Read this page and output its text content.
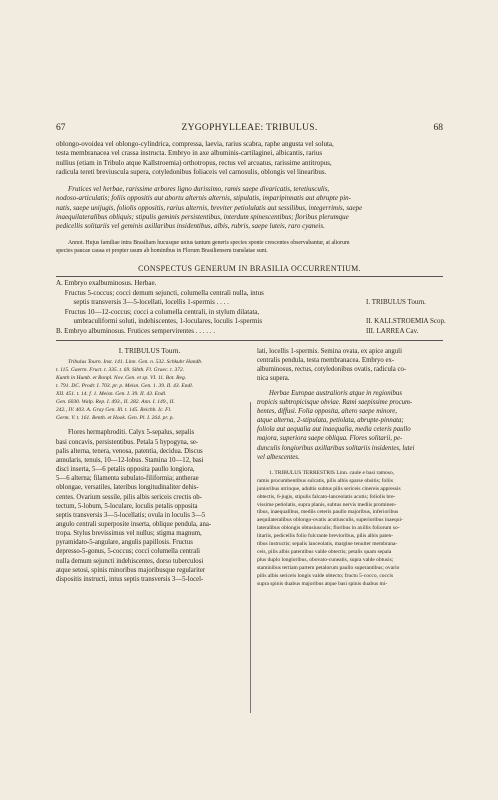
67	ZYGOPHYLLEAE: TRIBULUS.	68

oblongo-ovoidea vel oblongo-cylindrica, compressa, laevia, rarius scabra, raphe angusta vel soluta,

testa membranacea vel crassa instructa. Embryo in axe albuminis-cartilaginei, albicantis, rarius

nullius (etiam in Tribulo atque Kallstroemia) orthotropus, rectus vel arcuatus, rarissime antitropus,

radicula tereti breviuscula supera, cotyledonibus foliaceis vel carnosulis, oblongis vel linearibus.

Frutices vel herbae, rarissime arbores ligno durissimo, ramis saepe divaricatis, teretiusculis,

nodoso-articulatis; foliis oppositis aut abortu alternis alternis, stipulatis, imparipinnatis aut abrupte pin-

natis, saepe unijugis, foliolis oppositis, rarius alternis, breviter petiolulatis aut sessilibus, integerrimis, saepe

inaequilateralibus obliquis; stipulis geminis persistentibus, interdum spinescentibus; floribus plerumque

pedicellis solitariis vel geminis axillaribus insidentibus, albis, rubris, saepe luteis, raro cyaneis.

Annot. Hujus familiae intra Brasiliam hucusque unius tantum generis species sponte crescentes observabantur, at aliorum

species paucae causa et propter usum ab hominibus in Florum Brasiliensem translatae sunt.

CONSPECTUS GENERUM IN BRASILIA OCCURRENTIUM.
A. Embryo exalbuminosus. Herbae.
Fructus 5-coccus; cocci demum sejuncti, columella centrali nulla, intus
septis transversis 3—5-locellati, locellis 1-spermis . . . .	I. TRIBULUS Tourn.
Fructus 10—12-coccus; cocci a columella centrali, in stylum dilatata,
umbraculiformi soluti, indehiscentes, 1-loculares, loculis 1-spermis	II. KALLSTROEMIA Scop.
B. Embryo albuminosus. Frutices sempervirentes . . . . . .	III. LARREA Cav.

I. TRIBULUS Tourn.

Tribulus Tourn. Inst. 141. Linn. Gen. n. 532. Schkuhr Handb.

t. 115. Gaertn. Fruct. t. 335. t. 69. Sibth. Fl. Graec. t. 372.

Kunth in Humb. et Bonpl. Nov. Gen. et sp. VI. 11. Bot. Reg.

t. 791. DC. Prodr. I. 703. pr. p. Meisn. Gen. 1. 39. II. 43. Endl.

XII. 451. t. 14. f. 1. Meisn. Gen. I. 39. II. 43. Endl.

Gen. 6030. Walp. Rep. I. 493., II. 282. Ann. I. 149., II.

242., IV. 403. A. Gray Gen. Ill. t. 145. Reichb. Ic. Fl.

Germ. V. t. 161. Benth. et Hook. Gen. Pl. I. 264. pr. p.

Flores hermaphroditi. Calyx 5-sepalus, sepalis

basi concavis, persistentibus. Petala 5 hypogyna, se-

palis alterna, tenera, venosa, patentia, decidua. Discus

annularis, tenuis, 10—12-lobus. Stamina 10—12, basi

disci inserta, 5—6 petalis opposita paullo longiora,

5—6 alterna; filamenta subulato-filiformia; antherae

oblongae, versatiles, lateribus longitudinaliter dehis-

centes. Ovarium sessile, pilis albis sericeis crectis ob-

tectum, 5-lobum, 5-loculare, loculis petalis opposita

septis transversis 3—5-locellatis; ovula in loculis 3—5

angulo centrali superposite inserta, oblique pendula, ana-

tropa. Stylus brevissimus vel nullus; stigma magnum,

pyramidato-5-angulare, angulis papillosis. Fructus

depresso-5-gonus, 5-coccus; cocci columella centrali

nulla demum sejuncti indehiscentes, dorso tuberculosi

atque setosi, spinis minoribus majoribusque regulariter

dispositis instructi, intus septis transversis 3—5-locel-

lati, locellis 1-spermis. Semina ovata, ex apice anguli

centralis pendula, testa membranacea. Embryo ex-

albuminosus, rectus, cotyledonibus ovatis, radicula co-

nica supera.

Herbae Europae australioris atque in regionibus

tropicis subtropicisque obviae. Rami saepissime procum-

bentes, diffusi. Folia opposita, altero saepe minore,

atque alterna, 2-stipulata, petiolata, abrupte-pinnata;

foliola aut aequalia aut inaequalia, media ceteris paullo

majora, superiora saepe obliqua. Flores solitarii, pe-

dunculis longioribus axillaribus solitariis insidentes, lutei

vel albescentes.

1. TRIBULUS TERRESTRIS Linn. caule e basi ramoso,

ramis procumbentibus sulcatis, pilis albis sparse obsitis; foliis

junioribus utrinque, adultis subtus pilis sericeis cinereis appressis

obtectis, 6-jugis, stipulis falcato-lanceolatis acutis; foliolis bre-

vissime petiolatis, supra planis, subtus nervis mediis prominen-

tibus, inaequalibus, mediis ceteris paullo majoribus, inferioribus

aequilateralibus oblongo-ovatis acutiusculis, superioribus inaequi-

lateralibus oblongis obtusiusculis; floribus in axillis foliorum so-

litariis, pedicellis folio fulcrante brevioribus, pilis albis paten-

tibus instructis; sepalis lanceolatis, margine tenuiter membrana-

ceis, pilis albis patentibus valde obtectis; petalis quam sepala

plus duplo longioribus, obovato-cuneatis, supra valde obtusis;

staminibus tertiam partem petalorum paullo superantibus; ovario

pilis albis sericeis longis valde obtecto; fructu 5-cocco, coccis

supra spinis duabus majoribus atque basi spinis duabus mi-
